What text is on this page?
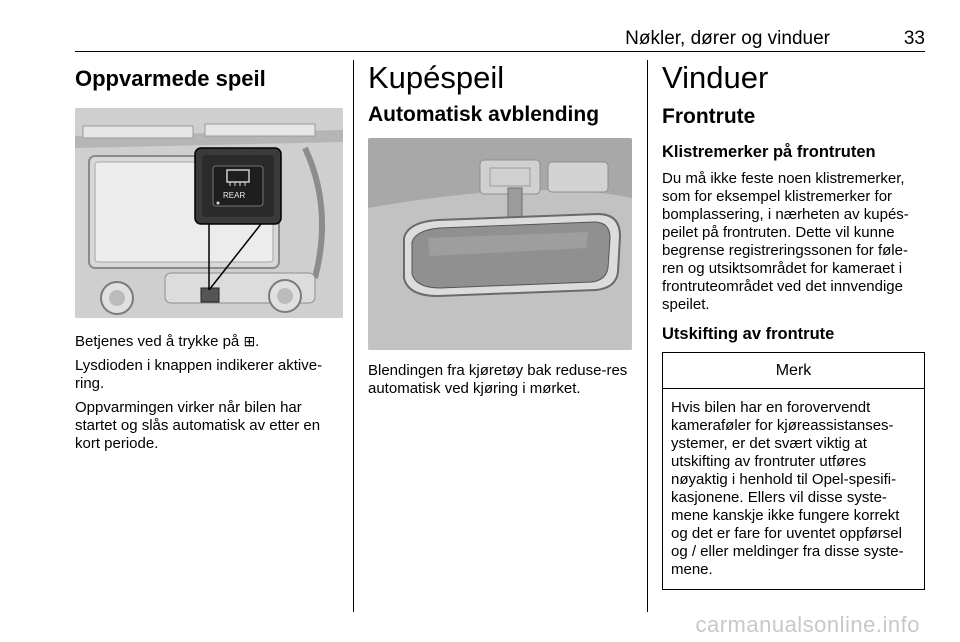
Nøkler, dører og vinduer	33
Oppvarmede speil
REAR

Betjenes ved å trykke på ⊞.

Lysdioden i knappen indikerer aktive-ring.

Oppvarmingen virker når bilen har startet og slås automatisk av etter en kort periode.

Kupéspeil
Automatisk avblending

Blendingen fra kjøretøy bak reduse-res automatisk ved kjøring i mørket.

Vinduer
Frontrute
Klistremerker på frontruten

Du må ikke feste noen klistremerker, som for eksempel klistremerker for bomplassering, i nærheten av kupés-peilet på frontruten. Dette vil kunne begrense registreringssonen for føle-ren og utsiktsområdet for kameraet i frontruteområdet ved det innvendige speilet.

Utskifting av frontrute
Merk

Hvis bilen har en forovervendt kameraføler for kjøreassistanses-ystemer, er det svært viktig at utskifting av frontruter utføres nøyaktig i henhold til Opel-spesifi-kasjonene. Ellers vil disse syste-mene kanskje ikke fungere korrekt og det er fare for uventet oppførsel og / eller meldinger fra disse syste-mene.

carmanualsonline.info
